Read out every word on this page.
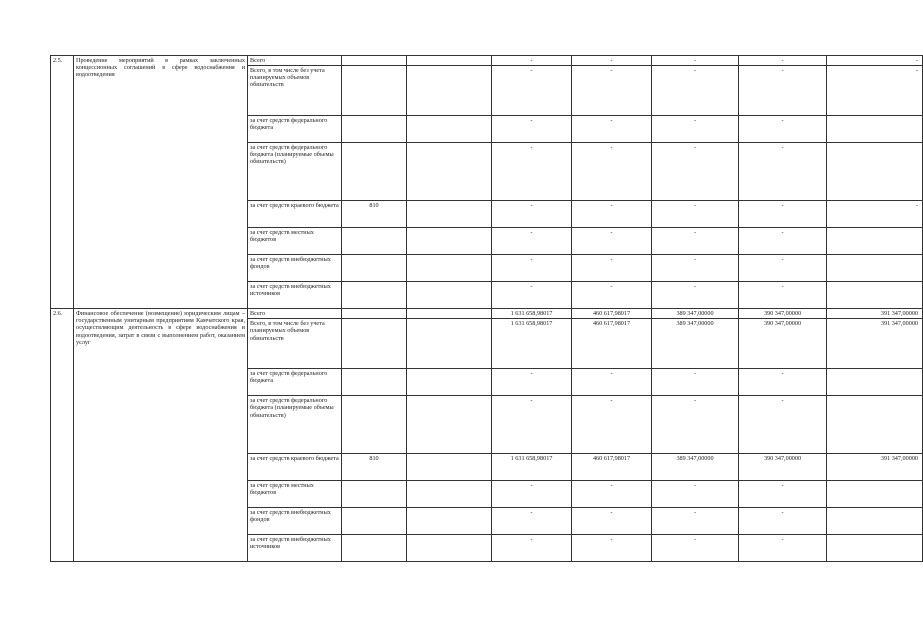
2.5.	Проведение мероприятий в рамках заключенных концессионных соглашений в сфере водоснабжения и водоотведения	Всего			-	-	-	-	-
		Всего, в том числе без учета планируемых объемов обязательств			-	-	-	-	-
		за счет средств федерального бюджета			-	-	-	-	
		за счет средств федерального бюджета (планируемые объемы обязательств)			-	-	-	-	
		за счет средств краевого бюджета	810		-	-	-	-	-
		за счет средств местных бюджетов			-	-	-	-	
		за счет средств внебюджетных фондов			-	-	-	-	
		за счет средств внебюджетных источников			-	-	-	-	
2.6.	Финансовое обеспечение (возмещение) юридическим лицам – государственным унитарным предприятиям Камчатского края, осуществляющим деятельность в сфере водоснабжения и водоотведения, затрат в связи с выполнением работ, оказанием услуг	Всего			1 631 658,98017	460 617,98017	389 347,00000	390 347,00000	391 347,00000
		Всего, в том числе без учета планируемых объемов обязательств			1 631 658,98017	460 617,98017	389 347,00000	390 347,00000	391 347,00000
		за счет средств федерального бюджета			-	-	-	-	
		за счет средств федерального бюджета (планируемые объемы обязательств)			-	-	-	-	
		за счет средств краевого бюджета	810		1 631 658,98017	460 617,98017	389 347,00000	390 347,00000	391 347,00000
		за счет средств местных бюджетов			-	-	-	-	
		за счет средств внебюджетных фондов			-	-	-	-	
		за счет средств внебюджетных источников			-	-	-	-	
